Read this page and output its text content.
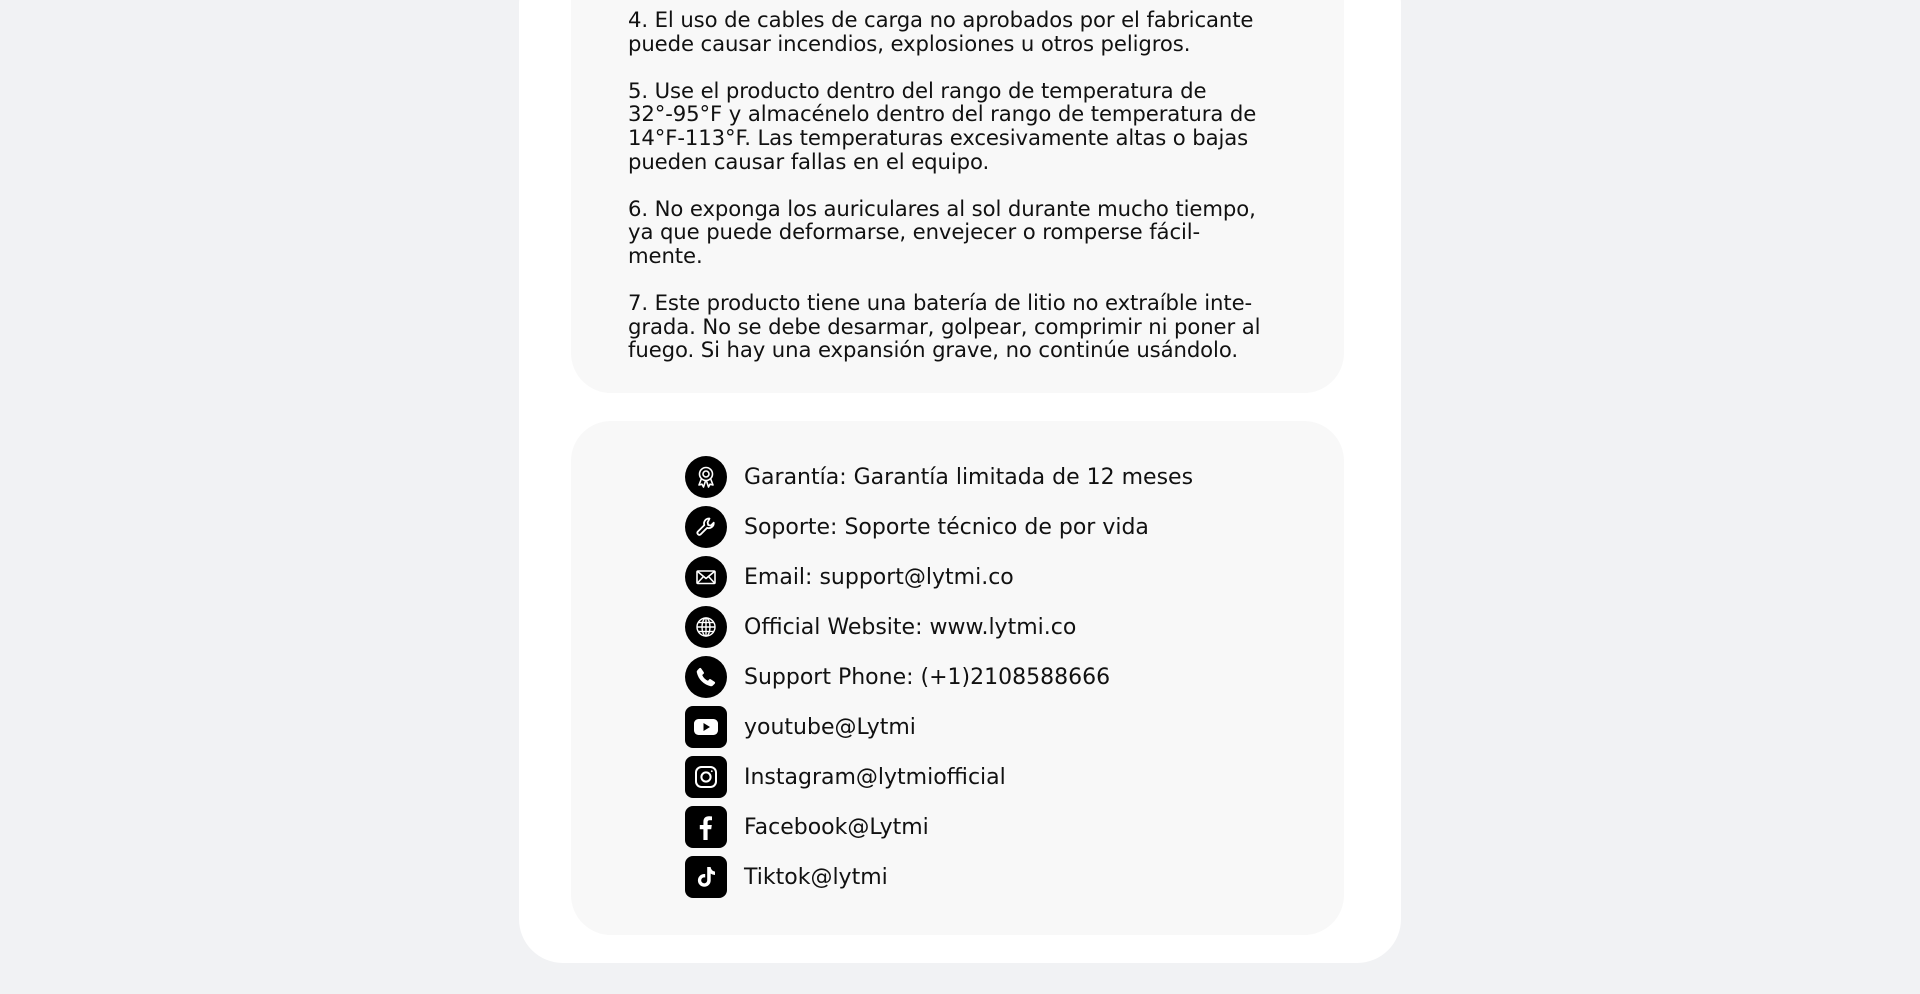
4. El uso de cables de carga no aprobados por el fabricante
puede causar incendios, explosiones u otros peligros.
5. Use el producto dentro del rango de temperatura de
32°-95°F y almacénelo dentro del rango de temperatura de
14°F-113°F. Las temperaturas excesivamente altas o bajas
pueden causar fallas en el equipo.
6. No exponga los auriculares al sol durante mucho tiempo,
ya que puede deformarse, envejecer o romperse fácil-
mente.
7. Este producto tiene una batería de litio no extraíble inte-
grada. No se debe desarmar, golpear, comprimir ni poner al
fuego. Si hay una expansión grave, no continúe usándolo.
Garantía: Garantía limitada de 12 meses
Soporte: Soporte técnico de por vida
Email: support@lytmi.co
Official Website: www.lytmi.co
Support Phone: (+1)2108588666
youtube@Lytmi
Instagram@lytmiofficial
Facebook@Lytmi
Tiktok@lytmi
